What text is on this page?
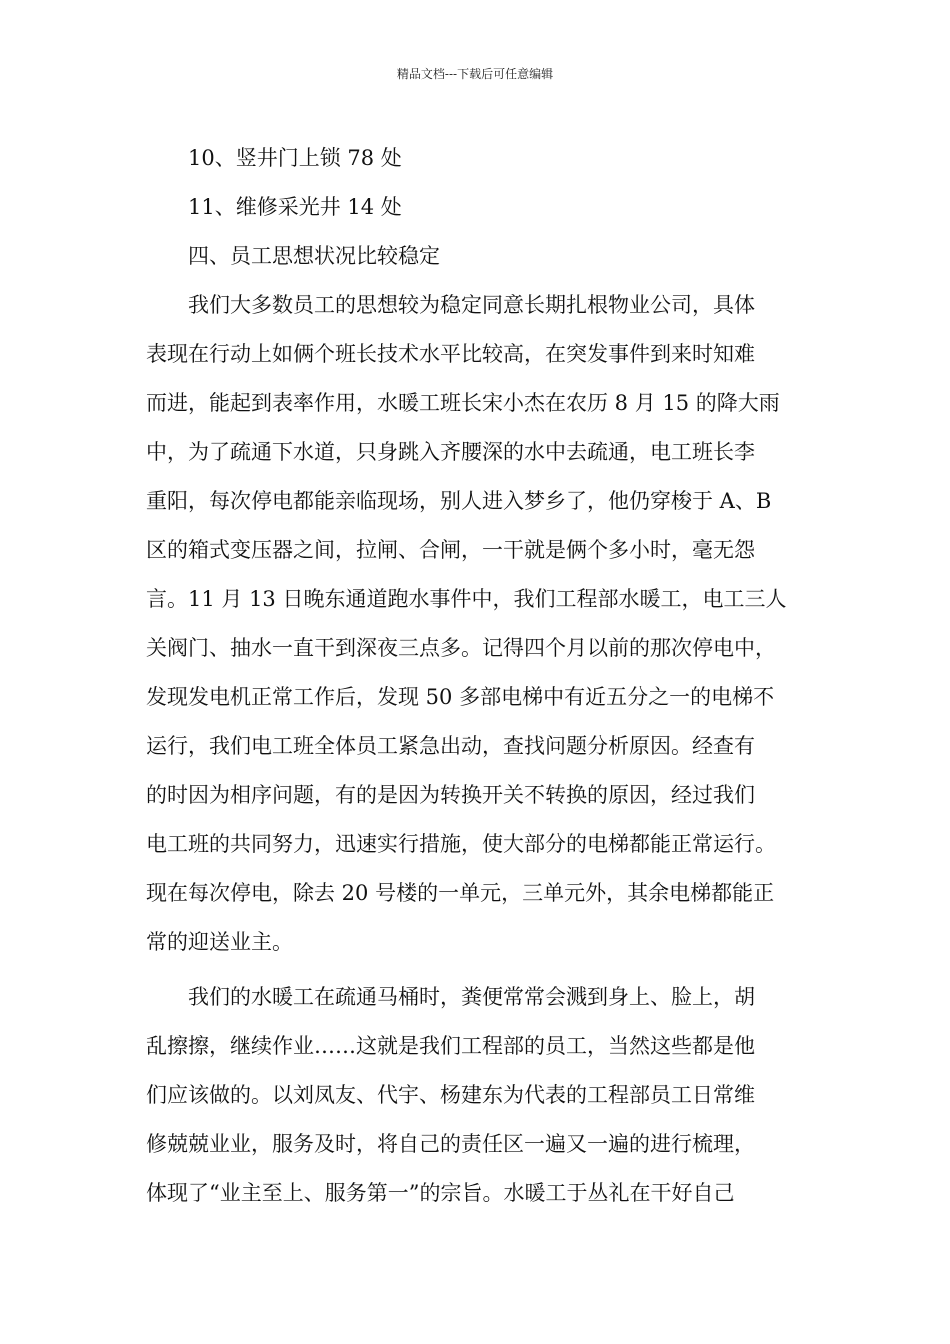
精品文档---下载后可任意编辑
10、竖井门上锁 78 处
11、维修采光井 14 处
四、员工思想状况比较稳定
我们大多数员工的思想较为稳定同意长期扎根物业公司，具体
表现在行动上如俩个班长技术水平比较高，在突发事件到来时知难
而进，能起到表率作用，水暖工班长宋小杰在农历 8 月 15 的降大雨
中，为了疏通下水道，只身跳入齐腰深的水中去疏通，电工班长李
重阳，每次停电都能亲临现场，别人进入梦乡了，他仍穿梭于 A、B
区的箱式变压器之间，拉闸、合闸，一干就是俩个多小时，毫无怨
言。11 月 13 日晚东通道跑水事件中，我们工程部水暖工，电工三人
关阀门、抽水一直干到深夜三点多。记得四个月以前的那次停电中，
发现发电机正常工作后，发现 50 多部电梯中有近五分之一的电梯不
运行，我们电工班全体员工紧急出动，查找问题分析原因。经查有
的时因为相序问题，有的是因为转换开关不转换的原因，经过我们
电工班的共同努力，迅速实行措施，使大部分的电梯都能正常运行。
现在每次停电，除去 20 号楼的一单元，三单元外，其余电梯都能正
常的迎送业主。
我们的水暖工在疏通马桶时，粪便常常会溅到身上、脸上，胡
乱擦擦，继续作业……这就是我们工程部的员工，当然这些都是他
们应该做的。以刘凤友、代宇、杨建东为代表的工程部员工日常维
修兢兢业业，服务及时，将自己的责任区一遍又一遍的进行梳理，
体现了“业主至上、服务第一”的宗旨。水暖工于丛礼在干好自己
